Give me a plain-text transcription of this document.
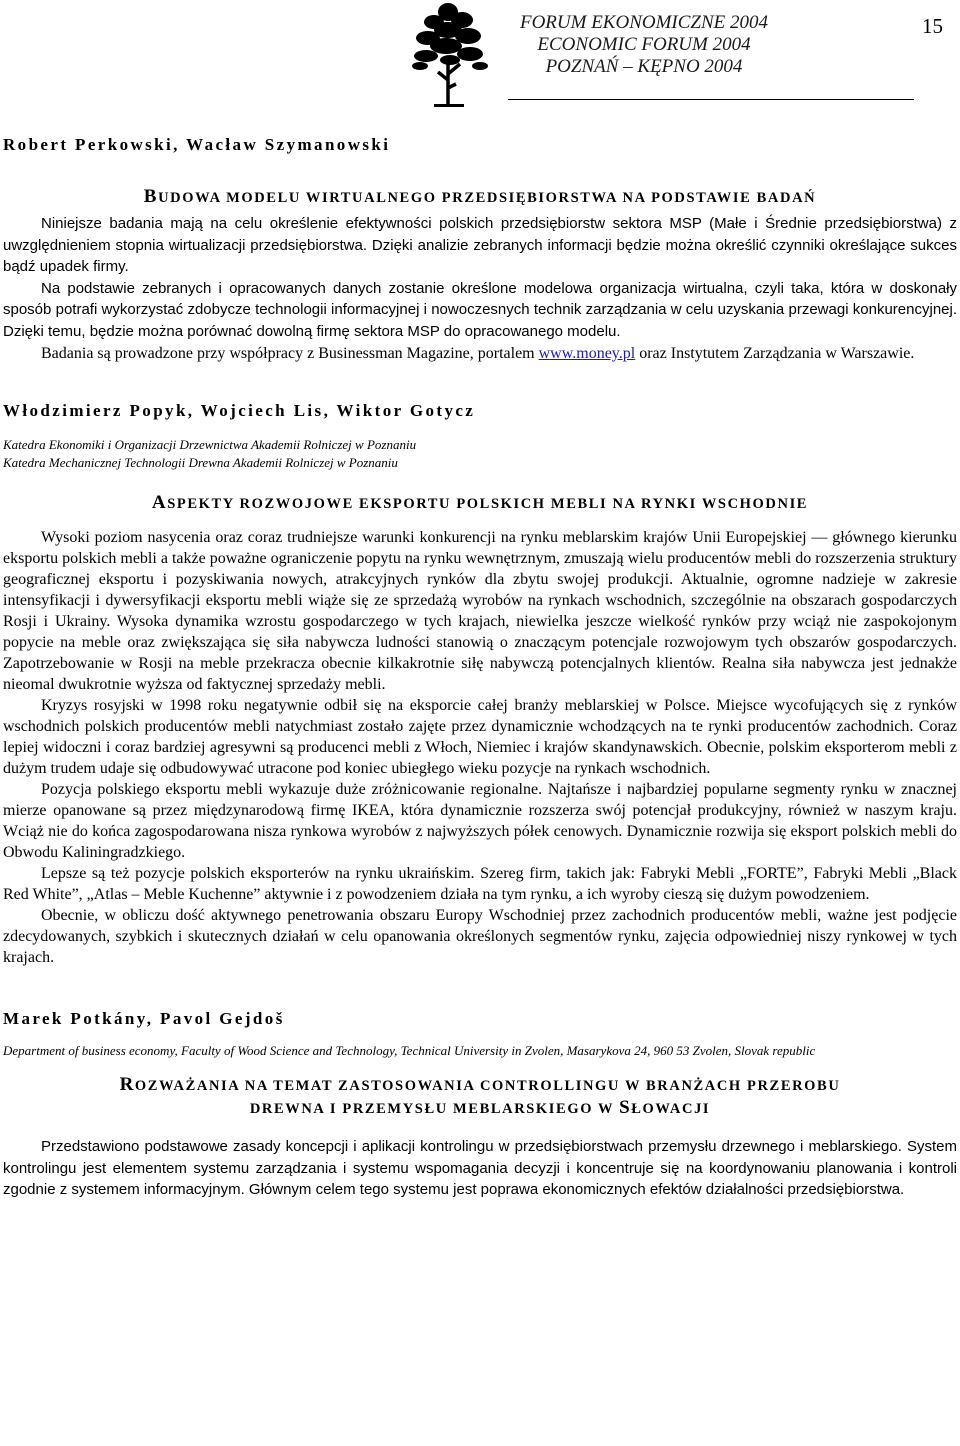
FORUM EKONOMICZNE 2004
ECONOMIC FORUM 2004
POZNAŃ – KĘPNO 2004
15

Robert Perkowski, Wacław Szymanowski

BUDOWA MODELU WIRTUALNEGO PRZEDSIĘBIORSTWA NA PODSTAWIE BADAŃ

Niniejsze badania mają na celu określenie efektywności polskich przedsiębiorstw sektora MSP (Małe i Średnie przedsiębiorstwa) z uwzględnieniem stopnia wirtualizacji przedsiębiorstwa. Dzięki analizie zebranych informacji będzie można określić czynniki określające sukces bądź upadek firmy.

Na podstawie zebranych i opracowanych danych zostanie określone modelowa organizacja wirtualna, czyli taka, która w doskonały sposób potrafi wykorzystać zdobycze technologii informacyjnej i nowoczesnych technik zarządzania w celu uzyskania przewagi konkurencyjnej. Dzięki temu, będzie można porównać dowolną firmę sektora MSP do opracowanego modelu.

Badania są prowadzone przy współpracy z Businessman Magazine, portalem www.money.pl oraz Instytutem Zarządzania w Warszawie.

Włodzimierz Popyk, Wojciech Lis, Wiktor Gotycz

Katedra Ekonomiki i Organizacji Drzewnictwa Akademii Rolniczej w Poznaniu

Katedra Mechanicznej Technologii Drewna Akademii Rolniczej w Poznaniu

ASPEKTY ROZWOJOWE EKSPORTU POLSKICH MEBLI NA RYNKI WSCHODNIE

Wysoki poziom nasycenia oraz coraz trudniejsze warunki konkurencji na rynku meblarskim krajów Unii Europejskiej — głównego kierunku eksportu polskich mebli a także poważne ograniczenie popytu na rynku wewnętrznym, zmuszają wielu producentów mebli do rozszerzenia struktury geograficznej eksportu i pozyskiwania nowych, atrakcyjnych rynków dla zbytu swojej produkcji. Aktualnie, ogromne nadzieje w zakresie intensyfikacji i dywersyfikacji eksportu mebli wiąże się ze sprzedażą wyrobów na rynkach wschodnich, szczególnie na obszarach gospodarczych Rosji i Ukrainy. Wysoka dynamika wzrostu gospodarczego w tych krajach, niewielka jeszcze wielkość rynków przy wciąż nie zaspokojonym popycie na meble oraz zwiększająca się siła nabywcza ludności stanowią o znaczącym potencjale rozwojowym tych obszarów gospodarczych. Zapotrzebowanie w Rosji na meble przekracza obecnie kilkakrotnie siłę nabywczą potencjalnych klientów. Realna siła nabywcza jest jednakże nieomal dwukrotnie wyższa od faktycznej sprzedaży mebli.

Kryzys rosyjski w 1998 roku negatywnie odbił się na eksporcie całej branży meblarskiej w Polsce. Miejsce wycofujących się z rynków wschodnich polskich producentów mebli natychmiast zostało zajęte przez dynamicznie wchodzących na te rynki producentów zachodnich. Coraz lepiej widoczni i coraz bardziej agresywni są producenci mebli z Włoch, Niemiec i krajów skandynawskich. Obecnie, polskim eksporterom mebli z dużym trudem udaje się odbudowywać utracone pod koniec ubiegłego wieku pozycje na rynkach wschodnich.

Pozycja polskiego eksportu mebli wykazuje duże zróżnicowanie regionalne. Najtańsze i najbardziej popularne segmenty rynku w znacznej mierze opanowane są przez międzynarodową firmę IKEA, która dynamicznie rozszerza swój potencjał produkcyjny, również w naszym kraju. Wciąż nie do końca zagospodarowana nisza rynkowa wyrobów z najwyższych półek cenowych. Dynamicznie rozwija się eksport polskich mebli do Obwodu Kaliningradzkiego.

Lepsze są też pozycje polskich eksporterów na rynku ukraińskim. Szereg firm, takich jak: Fabryki Mebli „FORTE”, Fabryki Mebli „Black Red White”, „Atlas – Meble Kuchenne” aktywnie i z powodzeniem działa na tym rynku, a ich wyroby cieszą się dużym powodzeniem.

Obecnie, w obliczu dość aktywnego penetrowania obszaru Europy Wschodniej przez zachodnich producentów mebli, ważne jest podjęcie zdecydowanych, szybkich i skutecznych działań w celu opanowania określonych segmentów rynku, zajęcia odpowiedniej niszy rynkowej w tych krajach.

Marek Potkány, Pavol Gejdoš

Department of business economy, Faculty of Wood Science and Technology, Technical University in Zvolen, Masarykova 24, 960 53 Zvolen, Slovak republic

ROZWAŻANIA NA TEMAT ZASTOSOWANIA CONTROLLINGU W BRANŻACH PRZEROBU
DREWNA I PRZEMYSŁU MEBLARSKIEGO W SŁOWACJI

Przedstawiono podstawowe zasady koncepcji i aplikacji kontrolingu w przedsiębiorstwach przemysłu drzewnego i meblarskiego. System kontrolingu jest elementem systemu zarządzania i systemu wspomagania decyzji i koncentruje się na koordynowaniu planowania i kontroli zgodnie z systemem informacyjnym. Głównym celem tego systemu jest poprawa ekonomicznych efektów działalności przedsiębiorstwa.
